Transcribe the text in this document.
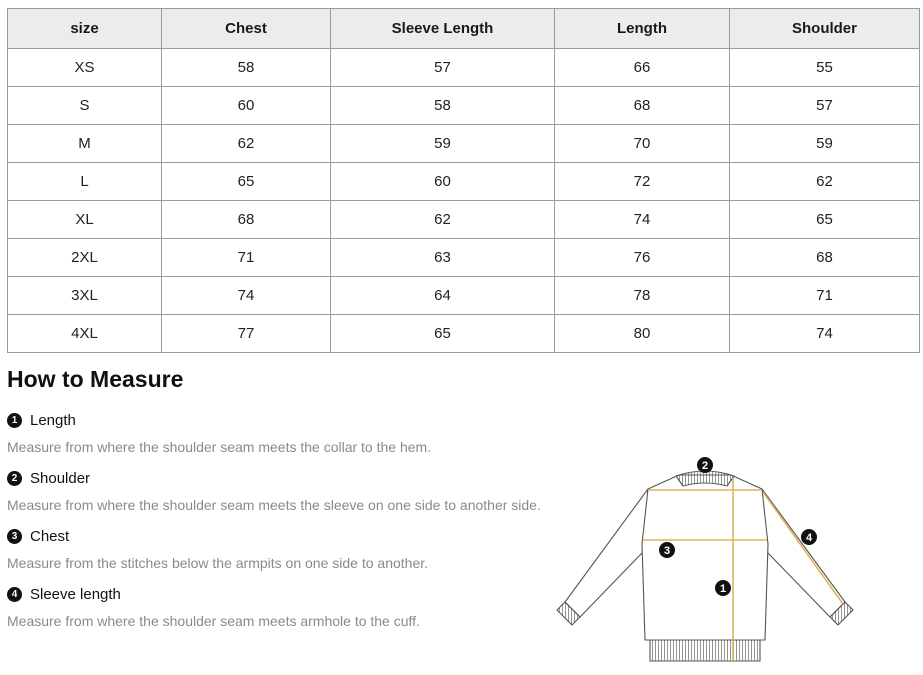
size	Chest	Sleeve Length	Length	Shoulder
XS	58	57	66	55
S	60	58	68	57
M	62	59	70	59
L	65	60	72	62
XL	68	62	74	65
2XL	71	63	76	68
3XL	74	64	78	71
4XL	77	65	80	74
How to Measure
1 Length
Measure from where the shoulder seam meets the collar to the hem.
2 Shoulder
Measure from where the shoulder seam meets the sleeve on one side to another side.
3 Chest
Measure from the stitches below the armpits on one side to another.
4 Sleeve length
Measure from where the shoulder seam meets armhole to the cuff.
2
4
3
1
